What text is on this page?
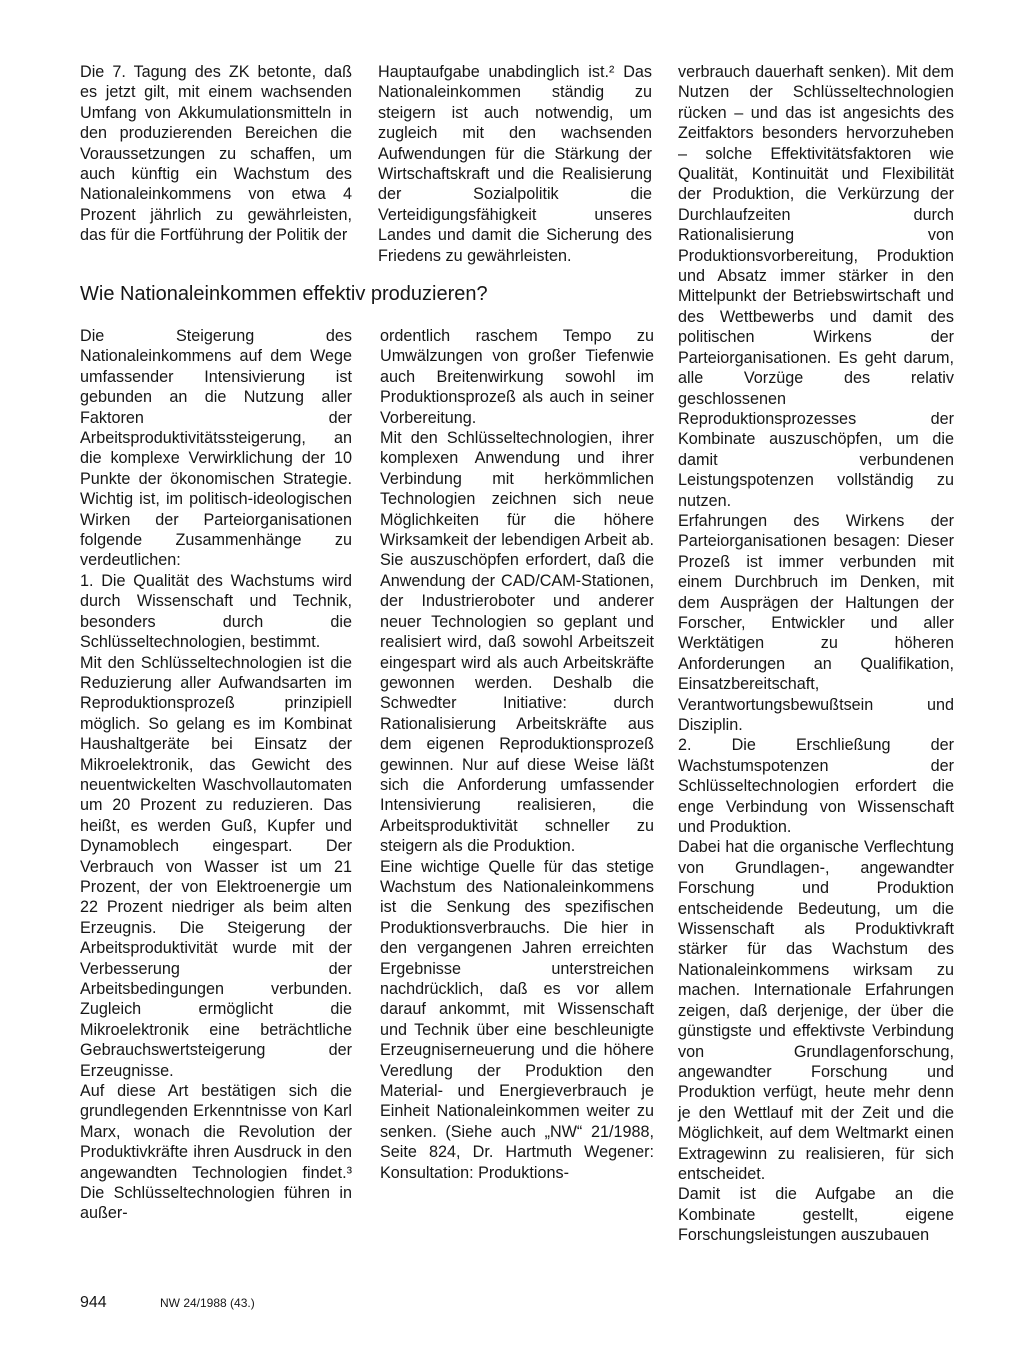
Die 7. Tagung des ZK betonte, daß es jetzt gilt, mit einem wachsenden Umfang von Akkumulationsmitteln in den produzierenden Bereichen die Voraussetzungen zu schaffen, um auch künftig ein Wachstum des Nationaleinkommens von etwa 4 Prozent jährlich zu gewährleisten, das für die Fortführung der Politik der

Hauptaufgabe unabdinglich ist.² Das Nationaleinkommen ständig zu steigern ist auch notwendig, um zugleich mit den wachsenden Aufwendungen für die Stärkung der Wirtschaftskraft und die Realisierung der Sozialpolitik die Verteidigungsfähigkeit unseres Landes und damit die Sicherung des Friedens zu gewährleisten.

Wie Nationaleinkommen effektiv produzieren?

Die Steigerung des Nationaleinkommens auf dem Wege umfassender Intensivierung ist gebunden an die Nutzung aller Faktoren der Arbeitsproduktivitätssteigerung, an die komplexe Verwirklichung der 10 Punkte der ökonomischen Strategie. Wichtig ist, im politisch-ideologischen Wirken der Parteiorganisationen folgende Zusammenhänge zu verdeutlichen:

1. Die Qualität des Wachstums wird durch Wissenschaft und Technik, besonders durch die Schlüsseltechnologien, bestimmt.

Mit den Schlüsseltechnologien ist die Reduzierung aller Aufwandsarten im Reproduktionsprozeß prinzipiell möglich. So gelang es im Kombinat Haushaltgeräte bei Einsatz der Mikroelektronik, das Gewicht des neuentwickelten Waschvollautomaten um 20 Prozent zu reduzieren. Das heißt, es werden Guß, Kupfer und Dynamoblech eingespart. Der Verbrauch von Wasser ist um 21 Prozent, der von Elektroenergie um 22 Prozent niedriger als beim alten Erzeugnis. Die Steigerung der Arbeitsproduktivität wurde mit der Verbesserung der Arbeitsbedingungen verbunden. Zugleich ermöglicht die Mikroelektronik eine beträchtliche Gebrauchswertsteigerung der Erzeugnisse.

Auf diese Art bestätigen sich die grundlegenden Erkenntnisse von Karl Marx, wonach die Revolution der Produktivkräfte ihren Ausdruck in den angewandten Technologien findet.³ Die Schlüsseltechnologien führen in außer-

ordentlich raschem Tempo zu Umwälzungen von großer Tiefenwie auch Breitenwirkung sowohl im Produktionsprozeß als auch in seiner Vorbereitung.

Mit den Schlüsseltechnologien, ihrer komplexen Anwendung und ihrer Verbindung mit herkömmlichen Technologien zeichnen sich neue Möglichkeiten für die höhere Wirksamkeit der lebendigen Arbeit ab. Sie auszuschöpfen erfordert, daß die Anwendung der CAD/CAM-Stationen, der Industrieroboter und anderer neuer Technologien so geplant und realisiert wird, daß sowohl Arbeitszeit eingespart wird als auch Arbeitskräfte gewonnen werden. Deshalb die Schwedter Initiative: durch Rationalisierung Arbeitskräfte aus dem eigenen Reproduktionsprozeß gewinnen. Nur auf diese Weise läßt sich die Anforderung umfassender Intensivierung realisieren, die Arbeitsproduktivität schneller zu steigern als die Produktion.

Eine wichtige Quelle für das stetige Wachstum des Nationaleinkommens ist die Senkung des spezifischen Produktionsverbrauchs. Die hier in den vergangenen Jahren erreichten Ergebnisse unterstreichen nachdrücklich, daß es vor allem darauf ankommt, mit Wissenschaft und Technik über eine beschleunigte Erzeugniserneuerung und die höhere Veredlung der Produktion den Material- und Energieverbrauch je Einheit Nationaleinkommen weiter zu senken. (Siehe auch „NW“ 21/1988, Seite 824, Dr. Hartmuth Wegener: Konsultation: Produktions-

verbrauch dauerhaft senken). Mit dem Nutzen der Schlüsseltechnologien rücken – und das ist angesichts des Zeitfaktors besonders hervorzuheben – solche Effektivitätsfaktoren wie Qualität, Kontinuität und Flexibilität der Produktion, die Verkürzung der Durchlaufzeiten durch Rationalisierung von Produktionsvorbereitung, Produktion und Absatz immer stärker in den Mittelpunkt der Betriebswirtschaft und des Wettbewerbs und damit des politischen Wirkens der Parteiorganisationen. Es geht darum, alle Vorzüge des relativ geschlossenen Reproduktionsprozesses der Kombinate auszuschöpfen, um die damit verbundenen Leistungspotenzen vollständig zu nutzen.

Erfahrungen des Wirkens der Parteiorganisationen besagen: Dieser Prozeß ist immer verbunden mit einem Durchbruch im Denken, mit dem Ausprägen der Haltungen der Forscher, Entwickler und aller Werktätigen zu höheren Anforderungen an Qualifikation, Einsatzbereitschaft, Verantwortungsbewußtsein und Disziplin.

2. Die Erschließung der Wachstumspotenzen der Schlüsseltechnologien erfordert die enge Verbindung von Wissenschaft und Produktion.

Dabei hat die organische Verflechtung von Grundlagen-, angewandter Forschung und Produktion entscheidende Bedeutung, um die Wissenschaft als Produktivkraft stärker für das Wachstum des Nationaleinkommens wirksam zu machen. Internationale Erfahrungen zeigen, daß derjenige, der über die günstigste und effektivste Verbindung von Grundlagenforschung, angewandter Forschung und Produktion verfügt, heute mehr denn je den Wettlauf mit der Zeit und die Möglichkeit, auf dem Weltmarkt einen Extragewinn zu realisieren, für sich entscheidet.

Damit ist die Aufgabe an die Kombinate gestellt, eigene Forschungsleistungen auszubauen

944	NW 24/1988 (43.)
